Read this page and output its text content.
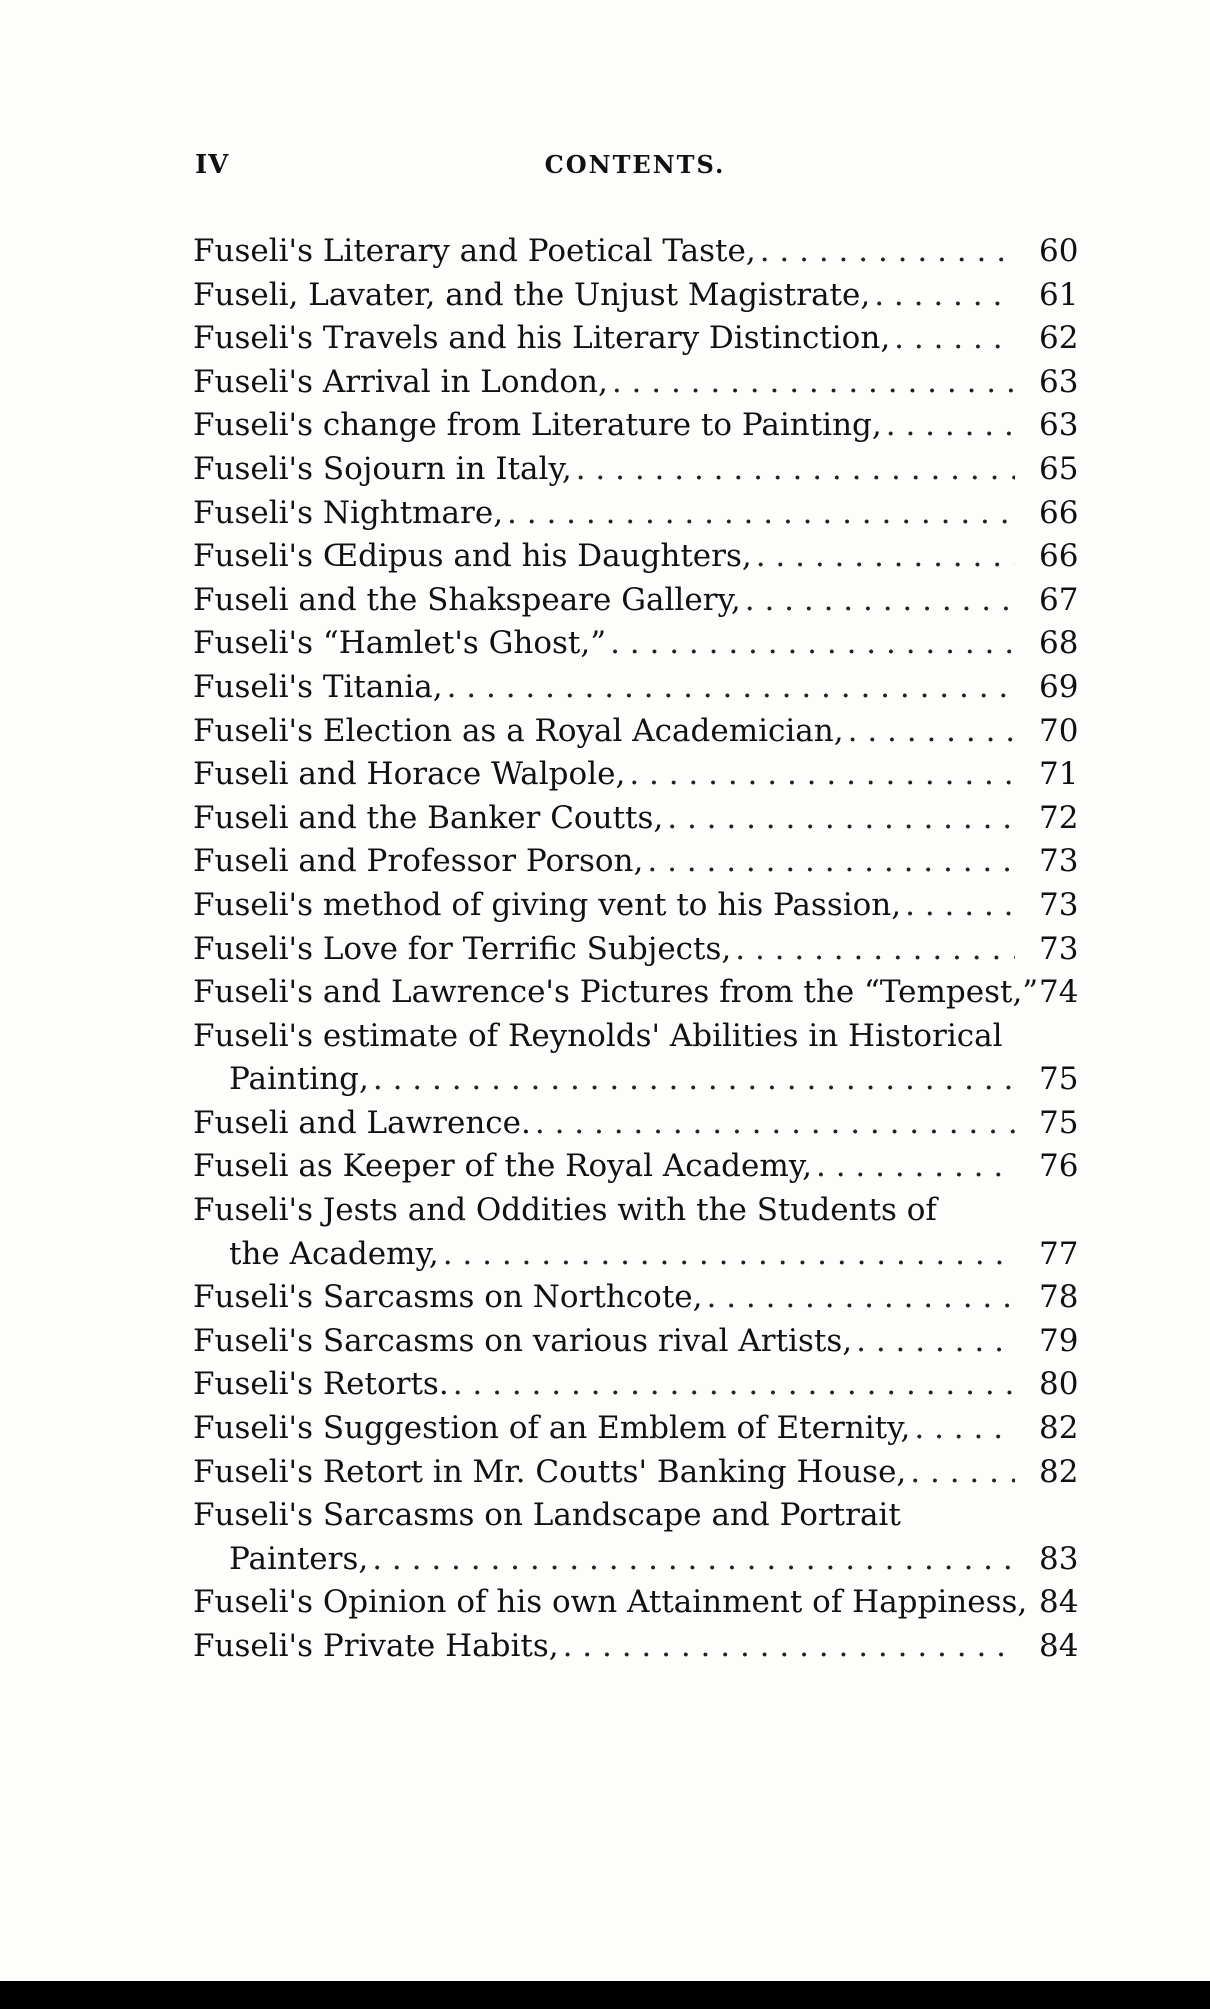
IV	CONTENTS.
Fuseli's Literary and Poetical Taste, . . .	60
Fuseli, Lavater, and the Unjust Magistrate, . . .	61
Fuseli's Travels and his Literary Distinction, . . .	62
Fuseli's Arrival in London, . . .	63
Fuseli's change from Literature to Painting, . . .	63
Fuseli's Sojourn in Italy, . . .	65
Fuseli's Nightmare, . . .	66
Fuseli's Œdipus and his Daughters, . . .	66
Fuseli and the Shakspeare Gallery, . . .	67
Fuseli's “Hamlet's Ghost,” . . .	68
Fuseli's Titania, . . .	69
Fuseli's Election as a Royal Academician, . . .	70
Fuseli and Horace Walpole, . . .	71
Fuseli and the Banker Coutts, . . .	72
Fuseli and Professor Porson, . . .	73
Fuseli's method of giving vent to his Passion, . . .	73
Fuseli's Love for Terrific Subjects, . . .	73
Fuseli's and Lawrence's Pictures from the “Tempest,” 74
Fuseli's estimate of Reynolds' Abilities in Historical
Painting, . . .	75
Fuseli and Lawrence. . . .	75
Fuseli as Keeper of the Royal Academy, . . .	76
Fuseli's Jests and Oddities with the Students of
the Academy, . . .	77
Fuseli's Sarcasms on Northcote, . . .	78
Fuseli's Sarcasms on various rival Artists, . . .	79
Fuseli's Retorts. . . .	80
Fuseli's Suggestion of an Emblem of Eternity, . . .	82
Fuseli's Retort in Mr. Coutts' Banking House, . . .	82
Fuseli's Sarcasms on Landscape and Portrait
Painters, . . .	83
Fuseli's Opinion of his own Attainment of Happiness, 84
Fuseli's Private Habits, . . .	84
